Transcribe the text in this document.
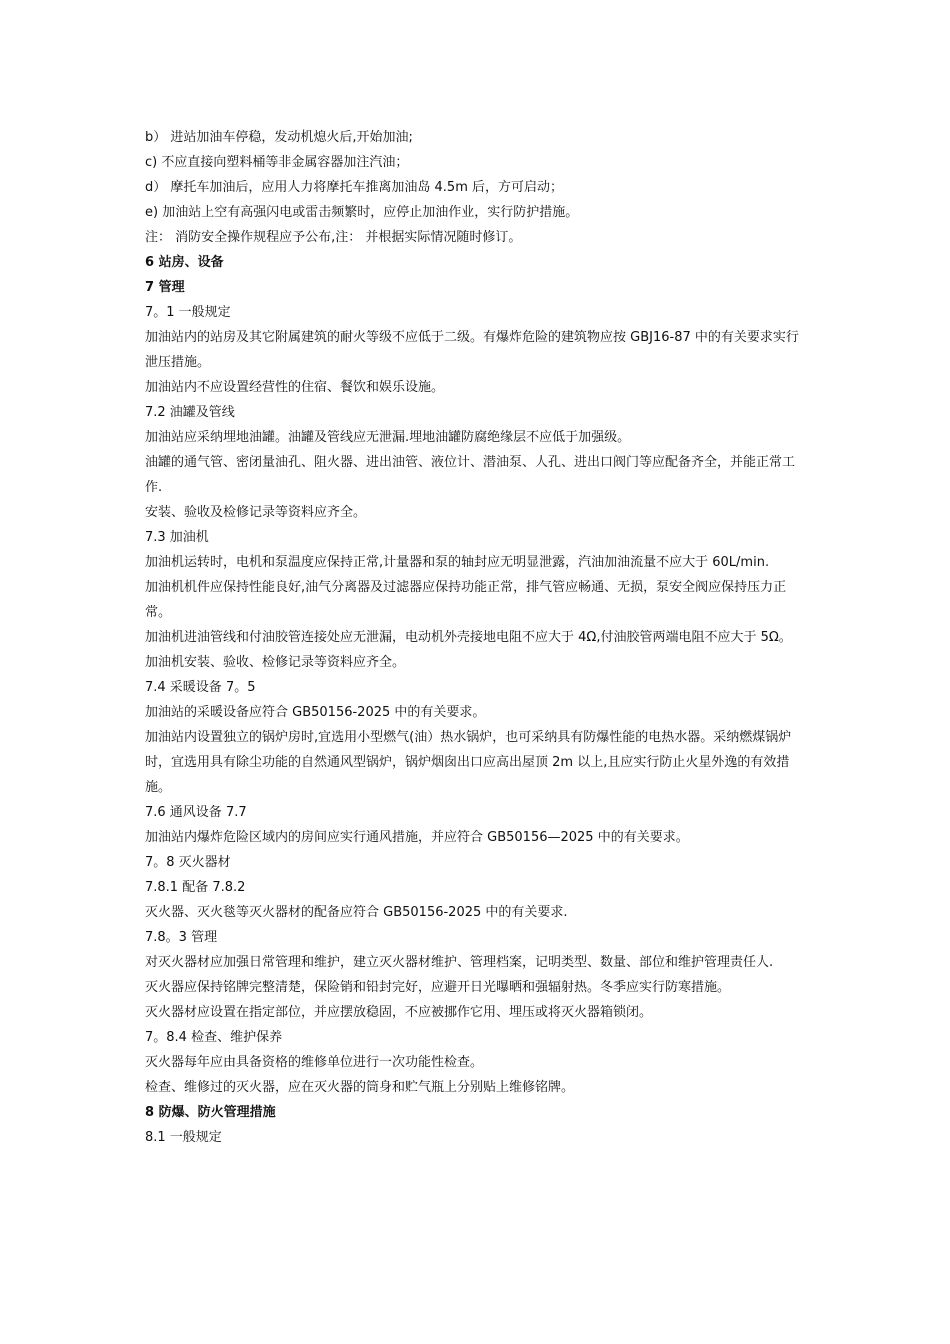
b） 进站加油车停稳，发动机熄火后,开始加油;
c) 不应直接向塑料桶等非金属容器加注汽油；
d） 摩托车加油后，应用人力将摩托车推离加油岛 4.5m 后，方可启动；
e) 加油站上空有高强闪电或雷击频繁时，应停止加油作业，实行防护措施。
注： 消防安全操作规程应予公布,注： 并根据实际情况随时修订。
6 站房、设备
7 管理
7。1 一般规定
加油站内的站房及其它附属建筑的耐火等级不应低于二级。有爆炸危险的建筑物应按 GBJ16-87 中的有关要求实行泄压措施。
加油站内不应设置经营性的住宿、餐饮和娱乐设施。
7.2 油罐及管线
加油站应采纳埋地油罐。油罐及管线应无泄漏.埋地油罐防腐绝缘层不应低于加强级。
油罐的通气管、密闭量油孔、阻火器、进出油管、液位计、潜油泵、人孔、进出口阀门等应配备齐全，并能正常工作.
安装、验收及检修记录等资料应齐全。
7.3 加油机
加油机运转时，电机和泵温度应保持正常,计量器和泵的轴封应无明显泄露，汽油加油流量不应大于 60L/min.
加油机机件应保持性能良好,油气分离器及过滤器应保持功能正常，排气管应畅通、无损，泵安全阀应保持压力正常。
加油机进油管线和付油胶管连接处应无泄漏，电动机外壳接地电阻不应大于 4Ω,付油胶管两端电阻不应大于 5Ω。
加油机安装、验收、检修记录等资料应齐全。
7.4 采暖设备 7。5
加油站的采暖设备应符合 GB50156-2025 中的有关要求。
加油站内设置独立的锅炉房时,宜选用小型燃气(油）热水锅炉，也可采纳具有防爆性能的电热水器。采纳燃煤锅炉时，宜选用具有除尘功能的自然通风型锅炉，锅炉烟囱出口应高出屋顶 2m 以上,且应实行防止火星外逸的有效措施。
7.6 通风设备 7.7
加油站内爆炸危险区域内的房间应实行通风措施，并应符合 GB50156—2025 中的有关要求。
7。8 灭火器材
7.8.1 配备 7.8.2
灭火器、灭火毯等灭火器材的配备应符合 GB50156-2025 中的有关要求.
7.8。3 管理
对灭火器材应加强日常管理和维护，建立灭火器材维护、管理档案，记明类型、数量、部位和维护管理责任人.
灭火器应保持铭牌完整清楚，保险销和铅封完好，应避开日光曝晒和强辐射热。冬季应实行防寒措施。
灭火器材应设置在指定部位，并应摆放稳固，不应被挪作它用、埋压或将灭火器箱锁闭。
7。8.4 检查、维护保养
灭火器每年应由具备资格的维修单位进行一次功能性检查。
检查、维修过的灭火器，应在灭火器的筒身和贮气瓶上分别贴上维修铭牌。
8 防爆、防火管理措施
8.1 一般规定
